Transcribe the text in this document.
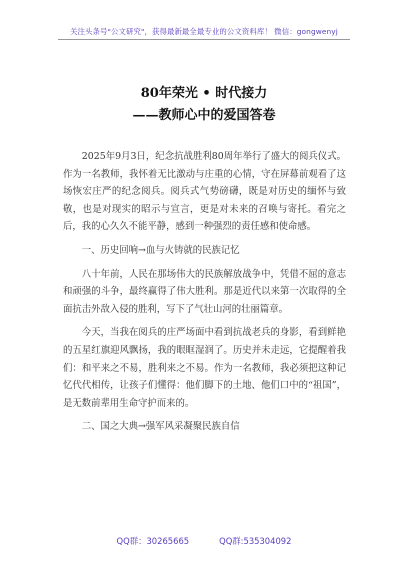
关注头条号"公文研究"，获得最新最全最专业的公文资料库！ 微信：gongwenyj
80年荣光 • 时代接力
——教师心中的爱国答卷

2025年9月3日，纪念抗战胜利80周年举行了盛大的阅兵仪式。作为一名教师，我怀着无比激动与庄重的心情，守在屏幕前观看了这场恢宏庄严的纪念阅兵。阅兵式气势磅礴，既是对历史的缅怀与致敬，也是对现实的昭示与宣言，更是对未来的召唤与寄托。看完之后，我的心久久不能平静，感到一种强烈的责任感和使命感。

一、历史回响→血与火铸就的民族记忆

八十年前，人民在那场伟大的民族解放战争中，凭借不屈的意志和顽强的斗争，最终赢得了伟大胜利。那是近代以来第一次取得的全面抗击外敌入侵的胜利，写下了气壮山河的壮丽篇章。

今天，当我在阅兵的庄严场面中看到抗战老兵的身影，看到鲜艳的五星红旗迎风飘扬，我的眼眶湿润了。历史并未走远，它提醒着我们：和平来之不易，胜利来之不易。作为一名教师，我必须把这种记忆代代相传，让孩子们懂得：他们脚下的土地、他们口中的“祖国”，是无数前辈用生命守护而来的。

二、国之大典→强军风采凝聚民族自信

QQ群：30265665	QQ群:535304092
